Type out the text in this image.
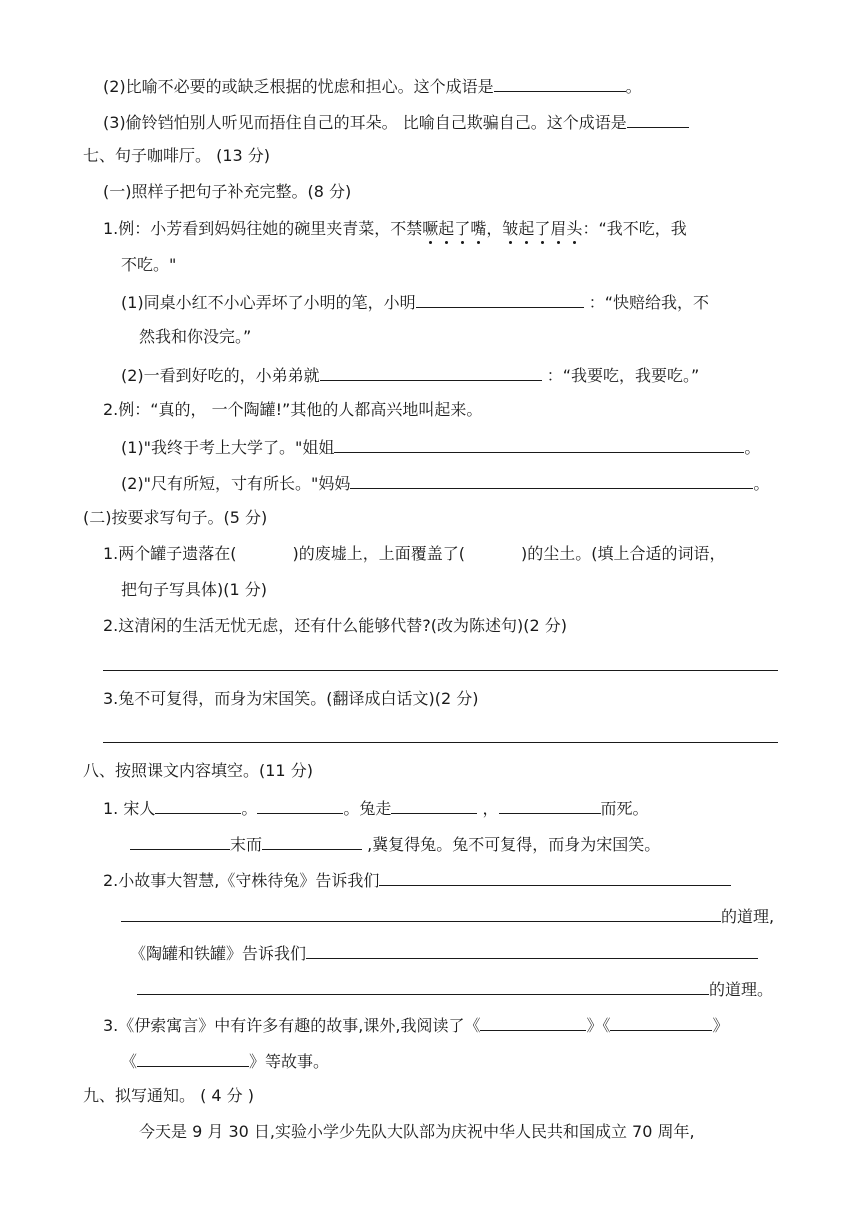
(2)比喻不必要的或缺乏根据的忧虑和担心。这个成语是	。
(3)偷铃铛怕别人听见而捂住自己的耳朵。 比喻自己欺骗自己。这个成语是
七、句子咖啡厅。 (13 分)
(一)照样子把句子补充完整。(8 分)
1.例：小芳看到妈妈往她的碗里夹青菜，不禁噘起了嘴，皱起了眉头：“我不吃，我
不吃。"
(1)同桌小红不小心弄坏了小明的笔，小明	：“快赔给我，不
然我和你没完。”
(2)一看到好吃的，小弟弟就	：“我要吃，我要吃。”
2.例：“真的， 一个陶罐!”其他的人都高兴地叫起来。
(1)"我终于考上大学了。"姐姐	。
(2)"尺有所短，寸有所长。"妈妈	。
(二)按要求写句子。(5 分)
1.两个罐子遗落在(	)的废墟上，上面覆盖了(	)的尘土。(填上合适的词语，
把句子写具体)(1 分)
2.这清闲的生活无忧无虑，还有什么能够代替?(改为陈述句)(2 分)
3.兔不可复得，而身为宋国笑。(翻译成白话文)(2 分)
八、按照课文内容填空。(11 分)
1. 宋人	。	。兔走	，	而死。
末而	,冀复得兔。兔不可复得，而身为宋国笑。
2.小故事大智慧,《守株待兔》告诉我们
的道理,
《陶罐和铁罐》告诉我们
的道理。
3.《伊索寓言》中有许多有趣的故事,课外,我阅读了《	》《	》
《	》等故事。
九、拟写通知。 ( 4 分 )
今天是 9 月 30 日,实验小学少先队大队部为庆祝中华人民共和国成立 70 周年,
